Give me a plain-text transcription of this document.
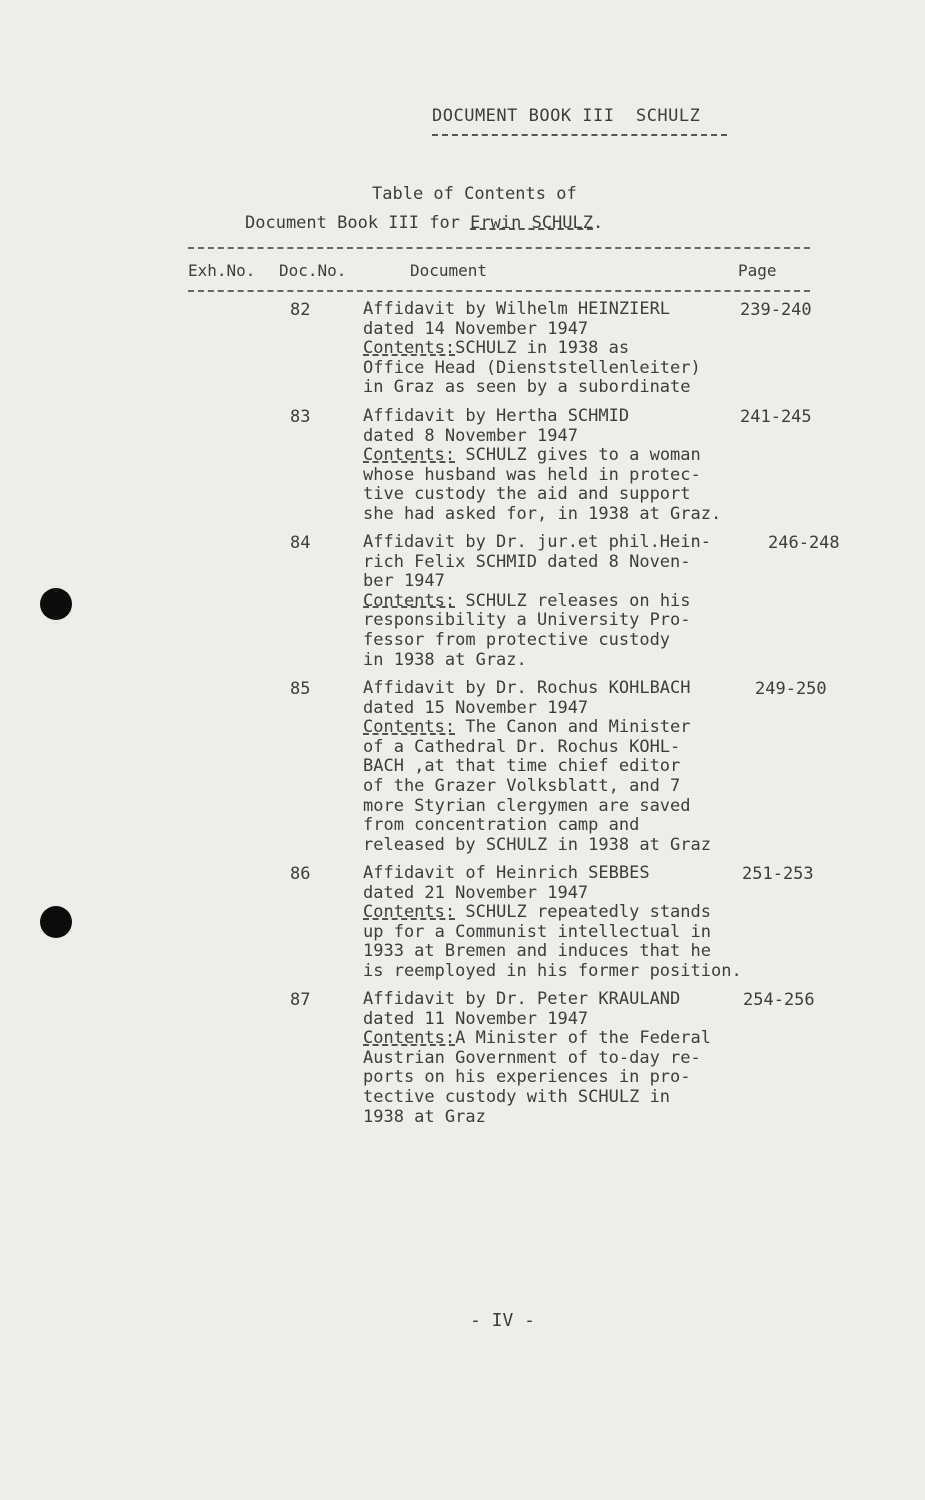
DOCUMENT BOOK III  SCHULZ
Table of Contents of
Document Book III for Erwin SCHULZ.
Exh.No. Doc.No.	Document	Page
82	Affidavit by Wilhelm HEINZIERL
dated 14 November 1947
Contents:SCHULZ in 1938 as
Office Head (Dienststellenleiter)
in Graz as seen by a subordinate
239-240
83	Affidavit by Hertha SCHMID
dated 8 November 1947
Contents: SCHULZ gives to a woman
whose husband was held in protec-
tive custody the aid and support
she had asked for, in 1938 at Graz.
241-245
84	Affidavit by Dr. jur.et phil.Hein-
rich Felix SCHMID dated 8 Noven-
ber 1947
Contents: SCHULZ releases on his
responsibility a University Pro-
fessor from protective custody
in 1938 at Graz.
246-248
85	Affidavit by Dr. Rochus KOHLBACH
dated 15 November 1947
Contents: The Canon and Minister
of a Cathedral Dr. Rochus KOHL-
BACH ,at that time chief editor
of the Grazer Volksblatt, and 7
more Styrian clergymen are saved
from concentration camp and
released by SCHULZ in 1938 at Graz
249-250
86	Affidavit of Heinrich SEBBES
dated 21 November 1947
Contents: SCHULZ repeatedly stands
up for a Communist intellectual in
1933 at Bremen and induces that he
is reemployed in his former position.
251-253
87	Affidavit by Dr. Peter KRAULAND
dated 11 November 1947
Contents:A Minister of the Federal
Austrian Government of to-day re-
ports on his experiences in pro-
tective custody with SCHULZ in
1938 at Graz
254-256
- IV -
